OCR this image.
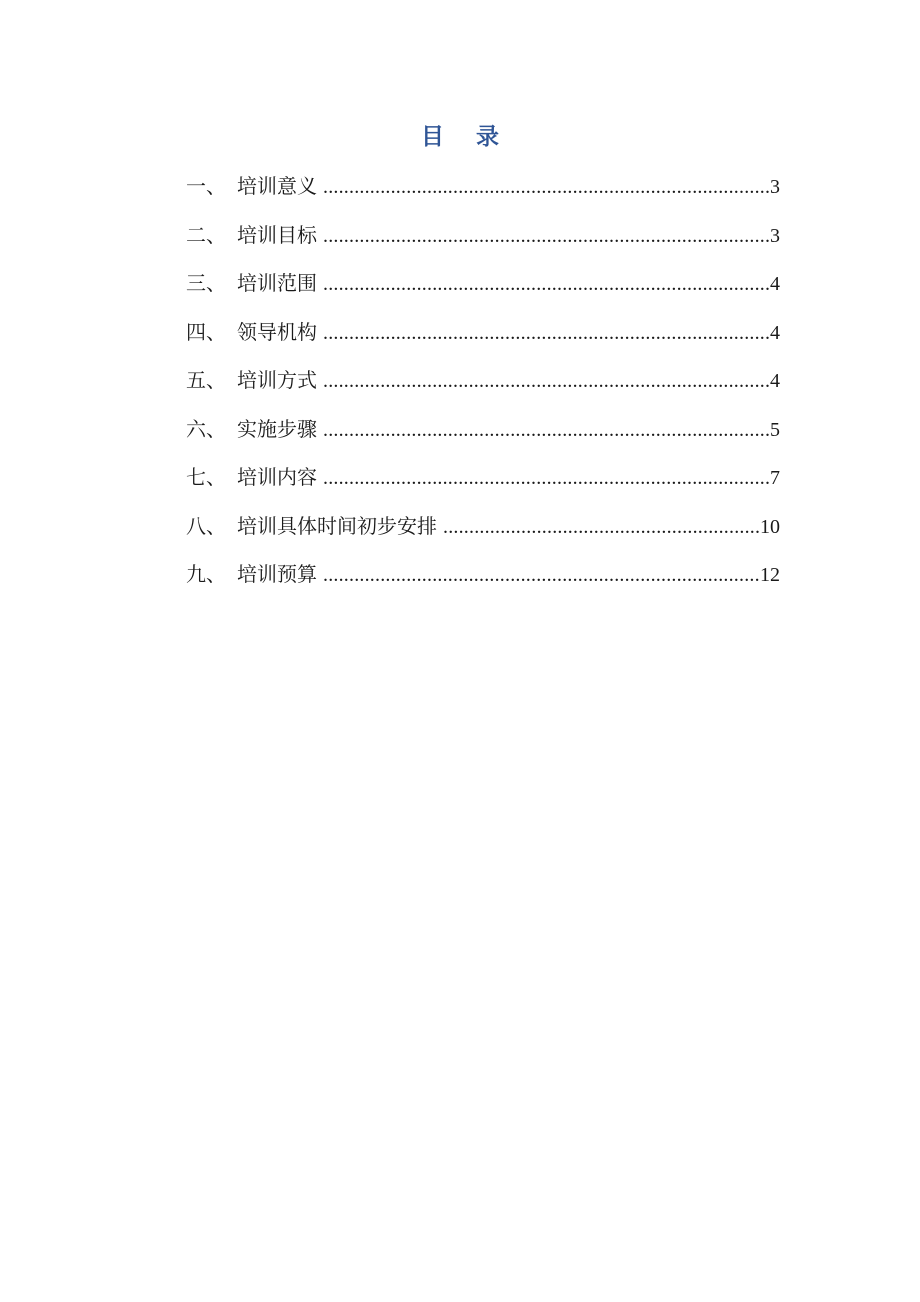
目 录
一、 培训意义 .....	3
二、 培训目标 .....	3
三、 培训范围 .....	4
四、 领导机构 .....	4
五、 培训方式 .....	4
六、 实施步骤 .....	5
七、 培训内容 .....	7
八、 培训具体时间初步安排 .....	10
九、 培训预算 .....	12
